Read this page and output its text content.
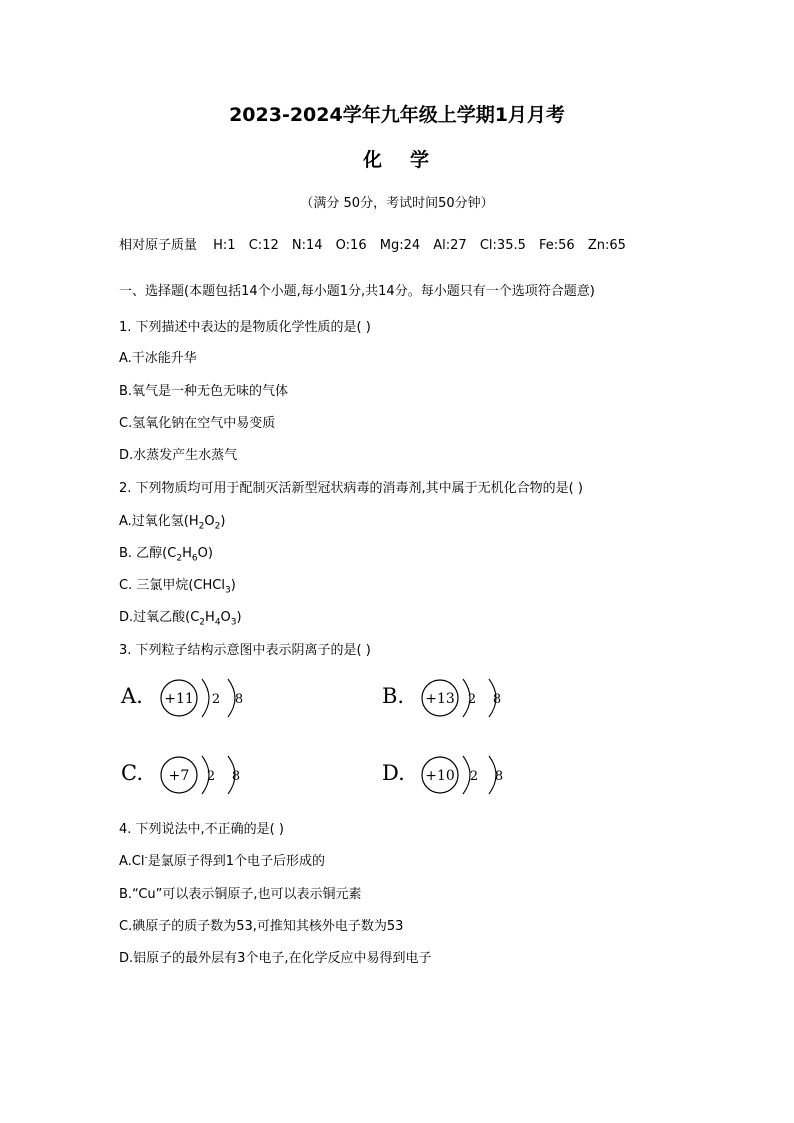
2023-2024学年九年级上学期1月月考
化 学
（满分 50分，考试时间50分钟）
相对原子质量 H:1 C:12 N:14 O:16 Mg:24 Al:27 Cl:35.5 Fe:56 Zn:65
一、选择题(本题包括14个小题,每小题1分,共14分。每小题只有一个选项符合题意)
1. 下列描述中表达的是物质化学性质的是( )
A.干冰能升华
B.氧气是一种无色无味的气体
C.氢氧化钠在空气中易变质
D.水蒸发产生水蒸气
2. 下列物质均可用于配制灭活新型冠状病毒的消毒剂,其中属于无机化合物的是( )
A.过氧化氢$(H_2O_2)$
B. 乙醇$(C_2H_6O)$
C. 三氯甲烷(CHCl$_3$)
D.过氧乙酸$(C_2H_4O_3)$
3. 下列粒子结构示意图中表示阴离子的是( )
A. +11 2 8	B. +13 2 8
C. +7 2 8	D. +10 2 8
4. 下列说法中,不正确的是( )
A.Cl-是氯原子得到1个电子后形成的
B.“Cu”可以表示铜原子,也可以表示铜元素
C.碘原子的质子数为53,可推知其核外电子数为53
D.铝原子的最外层有3个电子,在化学反应中易得到电子
